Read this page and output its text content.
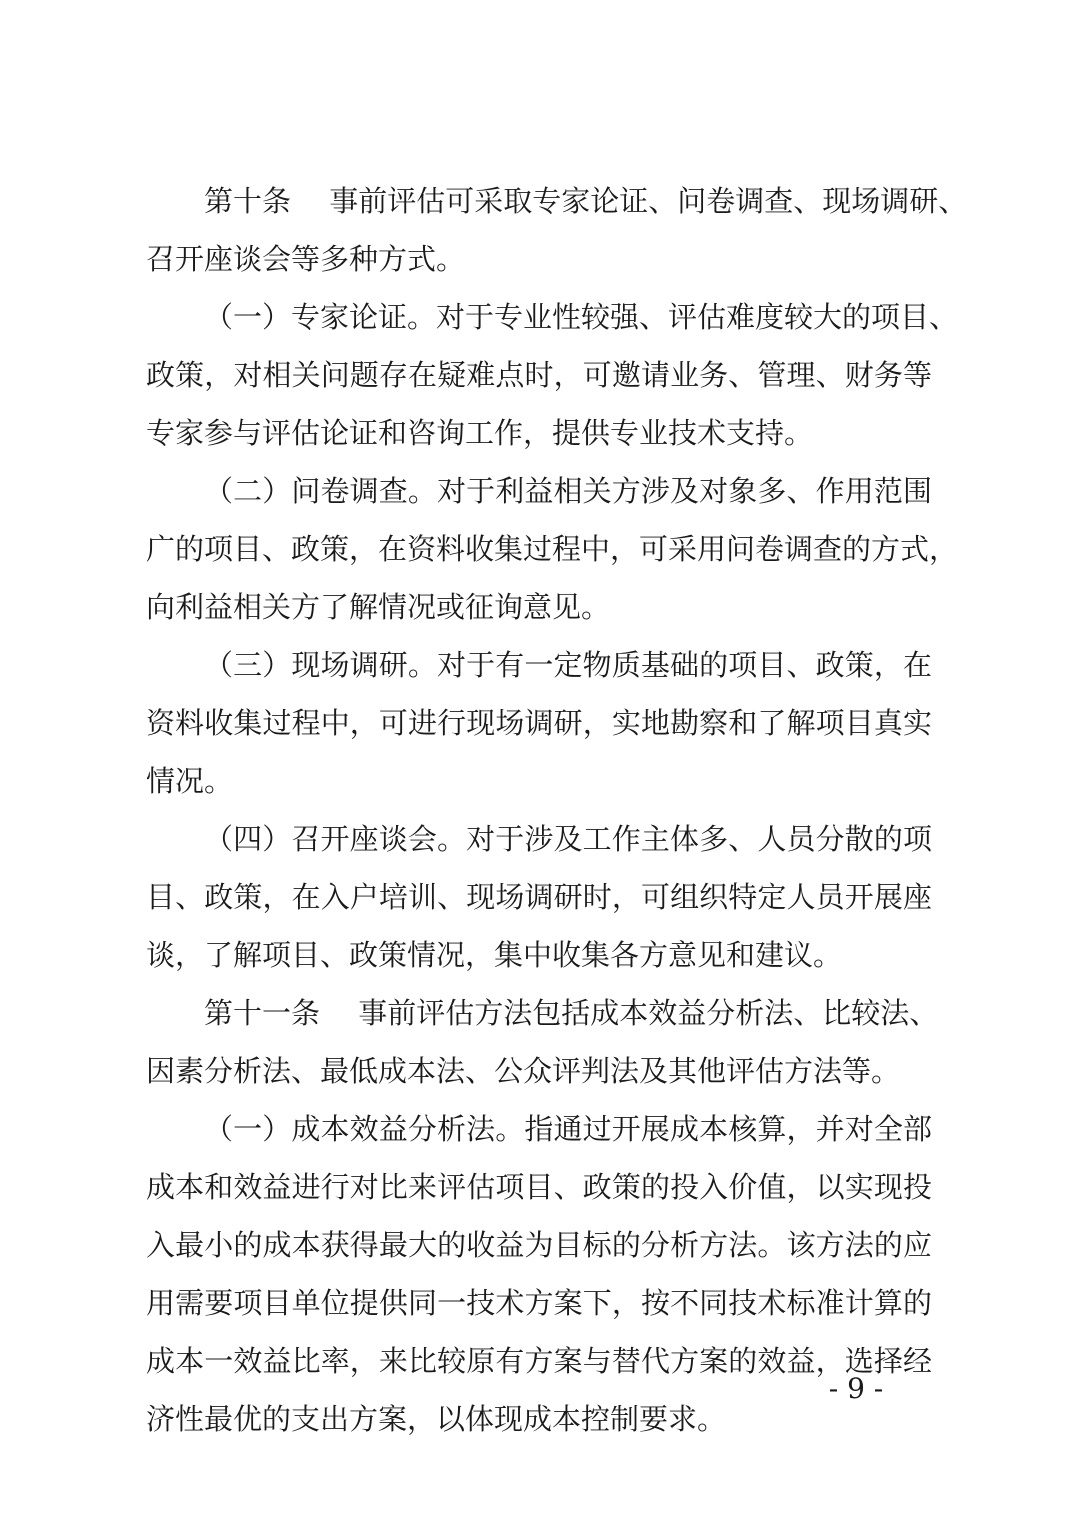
第十条　 事前评估可采取专家论证、问卷调查、现场调研、
召开座谈会等多种方式。
（一）专家论证。对于专业性较强、评估难度较大的项目、
政策，对相关问题存在疑难点时，可邀请业务、管理、财务等
专家参与评估论证和咨询工作，提供专业技术支持。
（二）问卷调查。对于利益相关方涉及对象多、作用范围
广的项目、政策，在资料收集过程中，可采用问卷调查的方式，
向利益相关方了解情况或征询意见。
（三）现场调研。对于有一定物质基础的项目、政策，在
资料收集过程中，可进行现场调研，实地勘察和了解项目真实
情况。
（四）召开座谈会。对于涉及工作主体多、人员分散的项
目、政策，在入户培训、现场调研时，可组织特定人员开展座
谈，了解项目、政策情况，集中收集各方意见和建议。
第十一条　 事前评估方法包括成本效益分析法、比较法、
因素分析法、最低成本法、公众评判法及其他评估方法等。
（一）成本效益分析法。指通过开展成本核算，并对全部
成本和效益进行对比来评估项目、政策的投入价值，以实现投
入最小的成本获得最大的收益为目标的分析方法。该方法的应
用需要项目单位提供同一技术方案下，按不同技术标准计算的
成本一效益比率，来比较原有方案与替代方案的效益，选择经
济性最优的支出方案，以体现成本控制要求。
- 9 -
